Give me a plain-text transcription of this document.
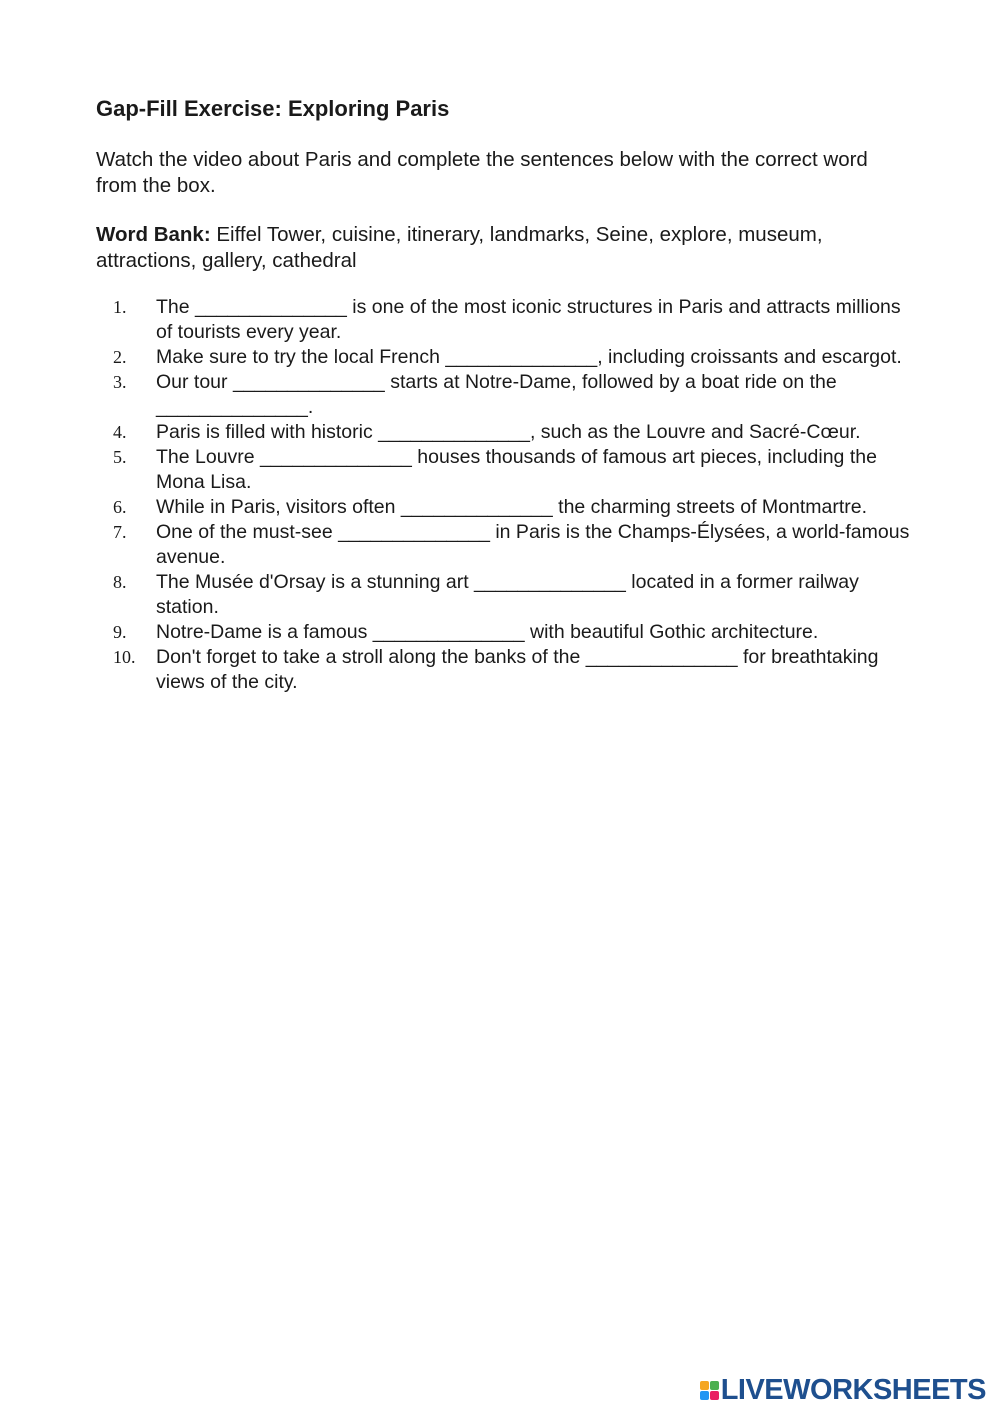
Gap-Fill Exercise: Exploring Paris

Watch the video about Paris and complete the sentences below with the correct word from the box.

Word Bank: Eiffel Tower, cuisine, itinerary, landmarks, Seine, explore, museum, attractions, gallery, cathedral

1. The ______________ is one of the most iconic structures in Paris and attracts millions of tourists every year.
2. Make sure to try the local French ______________, including croissants and escargot.
3. Our tour ______________ starts at Notre-Dame, followed by a boat ride on the ______________.
4. Paris is filled with historic ______________, such as the Louvre and Sacré-Cœur.
5. The Louvre ______________ houses thousands of famous art pieces, including the Mona Lisa.
6. While in Paris, visitors often ______________ the charming streets of Montmartre.
7. One of the must-see ______________ in Paris is the Champs-Élysées, a world-famous avenue.
8. The Musée d'Orsay is a stunning art ______________ located in a former railway station.
9. Notre-Dame is a famous ______________ with beautiful Gothic architecture.
10. Don't forget to take a stroll along the banks of the ______________ for breathtaking views of the city.
LIVEWORKSHEETS
